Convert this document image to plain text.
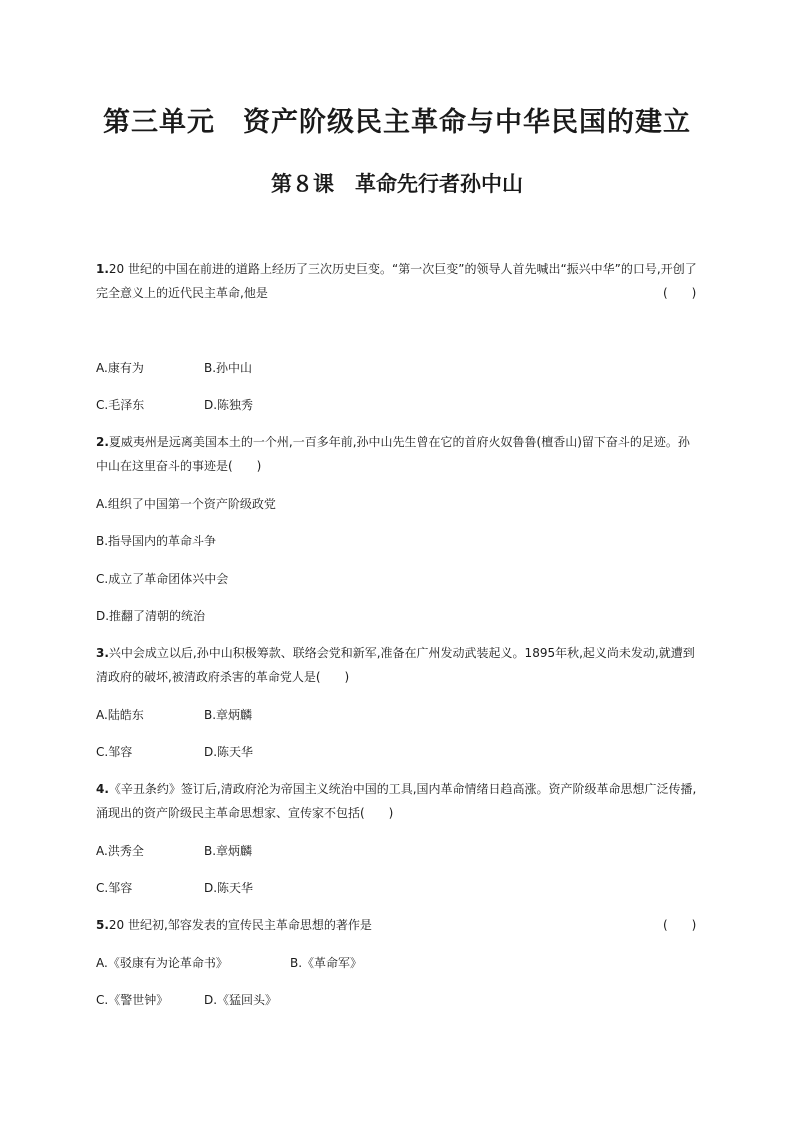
第三单元　资产阶级民主革命与中华民国的建立
第８课　革命先行者孙中山
1.20 世纪的中国在前进的道路上经历了三次历史巨变。“第一次巨变”的领导人首先喊出“振兴中华”的口号,开创了
完全意义上的近代民主革命,他是	(　　)
A.康有为	B.孙中山
C.毛泽东	D.陈独秀
2.夏威夷州是远离美国本土的一个州,一百多年前,孙中山先生曾在它的首府火奴鲁鲁(檀香山)留下奋斗的足迹。孙
中山在这里奋斗的事迹是(　　)
A.组织了中国第一个资产阶级政党
B.指导国内的革命斗争
C.成立了革命团体兴中会
D.推翻了清朝的统治
3.兴中会成立以后,孙中山积极筹款、联络会党和新军,准备在广州发动武装起义。1895年秋,起义尚未发动,就遭到
清政府的破坏,被清政府杀害的革命党人是(　　)
A.陆皓东	B.章炳麟
C.邹容	D.陈天华
4.《辛丑条约》签订后,清政府沦为帝国主义统治中国的工具,国内革命情绪日趋高涨。资产阶级革命思想广泛传播,
涌现出的资产阶级民主革命思想家、宣传家不包括(　　)
A.洪秀全	B.章炳麟
C.邹容	D.陈天华
5.20 世纪初,邹容发表的宣传民主革命思想的著作是	(　　)
A.《驳康有为论革命书》	B.《革命军》
C.《警世钟》	D.《猛回头》
